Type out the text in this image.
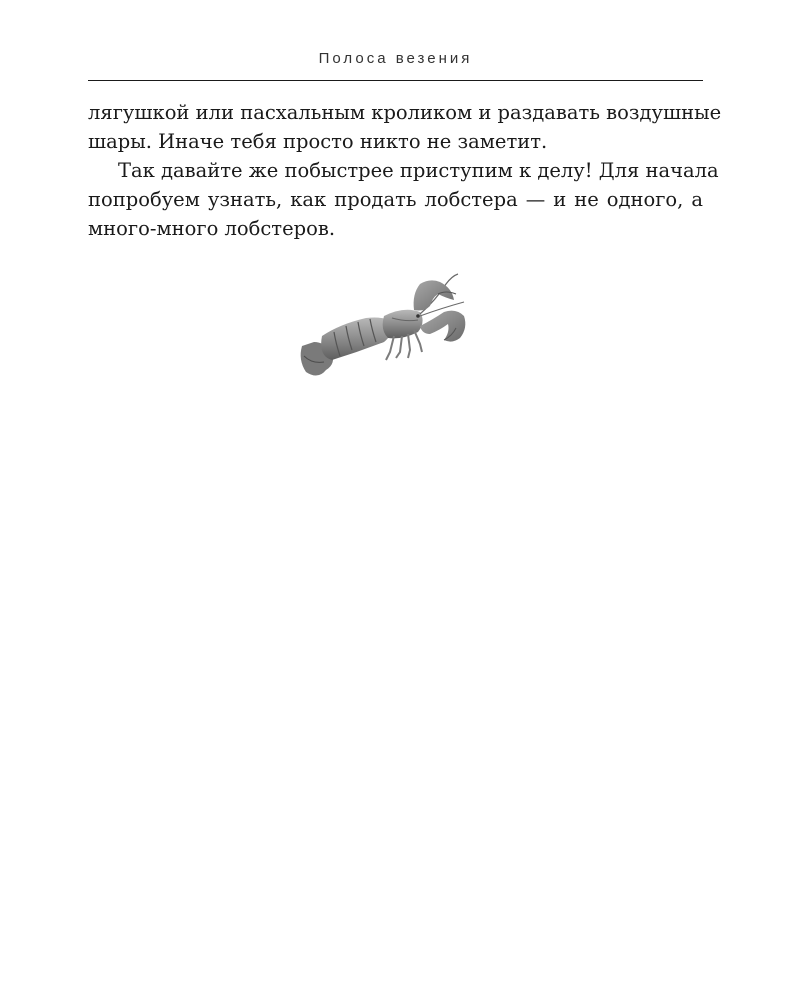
Полоса везения
лягушкой или пасхальным кроликом и раздавать воздушные
шары. Иначе тебя просто никто не заметит.
Так давайте же побыстрее приступим к делу! Для начала
попробуем узнать, как продать лобстера — и не одного, а
много-много лобстеров.
